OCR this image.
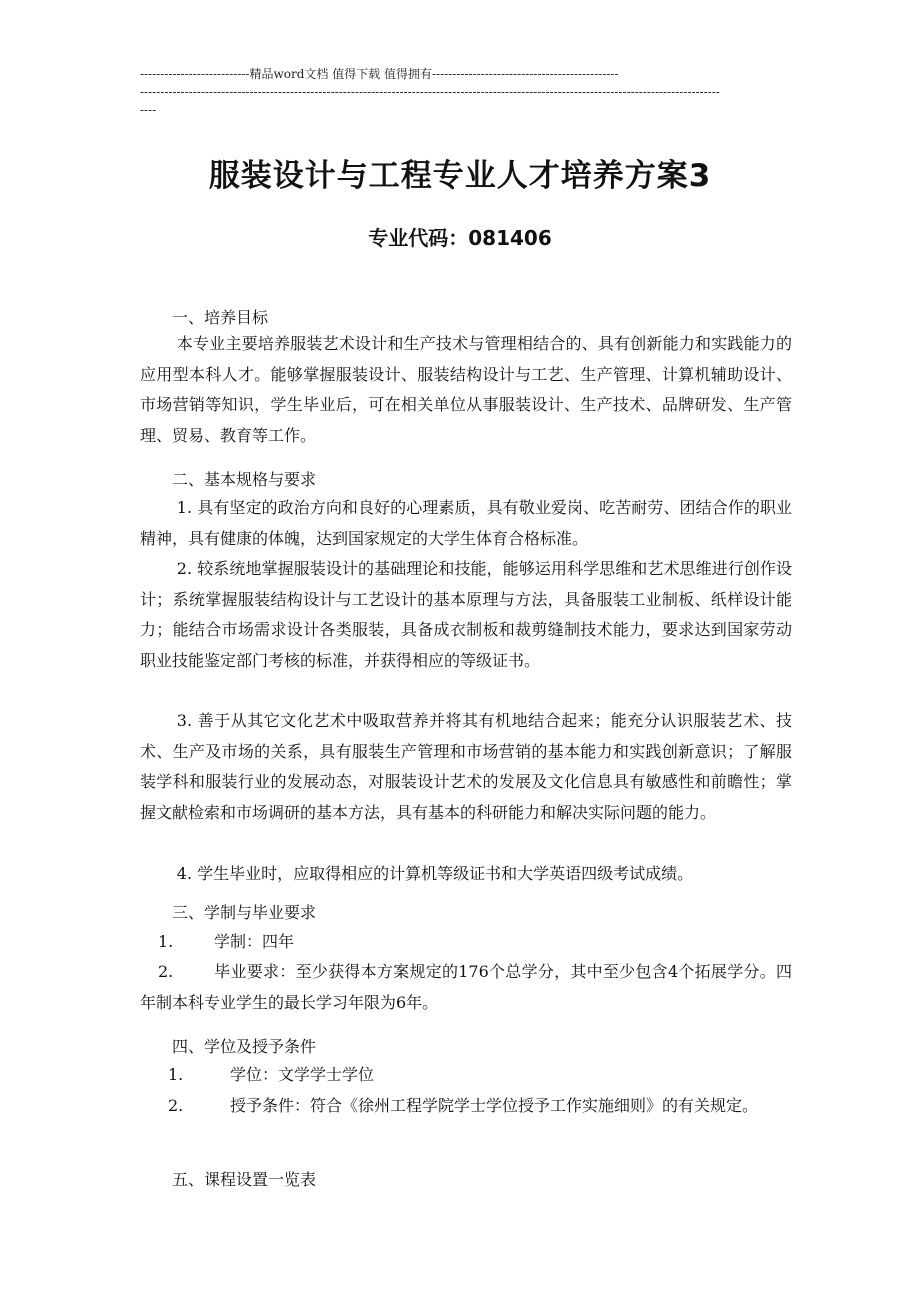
---------------------------精品word文档 值得下载 值得拥有----------------------------------------------
-----------------------------------------------------------------------------------------------------------------------------------------------
----
服装设计与工程专业人才培养方案3
专业代码：081406
一、培养目标
本专业主要培养服装艺术设计和生产技术与管理相结合的、具有创新能力和实践能力的应用型本科人才。能够掌握服装设计、服装结构设计与工艺、生产管理、计算机辅助设计、市场营销等知识，学生毕业后，可在相关单位从事服装设计、生产技术、品牌研发、生产管理、贸易、教育等工作。
二、基本规格与要求
1. 具有坚定的政治方向和良好的心理素质，具有敬业爱岗、吃苦耐劳、团结合作的职业精神，具有健康的体魄，达到国家规定的大学生体育合格标准。
2. 较系统地掌握服装设计的基础理论和技能，能够运用科学思维和艺术思维进行创作设计；系统掌握服装结构设计与工艺设计的基本原理与方法，具备服装工业制板、纸样设计能力；能结合市场需求设计各类服装，具备成衣制板和裁剪缝制技术能力，要求达到国家劳动职业技能鉴定部门考核的标准，并获得相应的等级证书。
3. 善于从其它文化艺术中吸取营养并将其有机地结合起来；能充分认识服装艺术、技术、生产及市场的关系，具有服装生产管理和市场营销的基本能力和实践创新意识；了解服装学科和服装行业的发展动态，对服装设计艺术的发展及文化信息具有敏感性和前瞻性；掌握文献检索和市场调研的基本方法，具有基本的科研能力和解决实际问题的能力。
4. 学生毕业时，应取得相应的计算机等级证书和大学英语四级考试成绩。
三、学制与毕业要求
1.	学制：四年
2.	毕业要求：至少获得本方案规定的176个总学分，其中至少包含4个拓展学分。四年制本科专业学生的最长学习年限为6年。
四、学位及授予条件
1.	学位：文学学士学位
2.	授予条件：符合《徐州工程学院学士学位授予工作实施细则》的有关规定。
五、课程设置一览表
